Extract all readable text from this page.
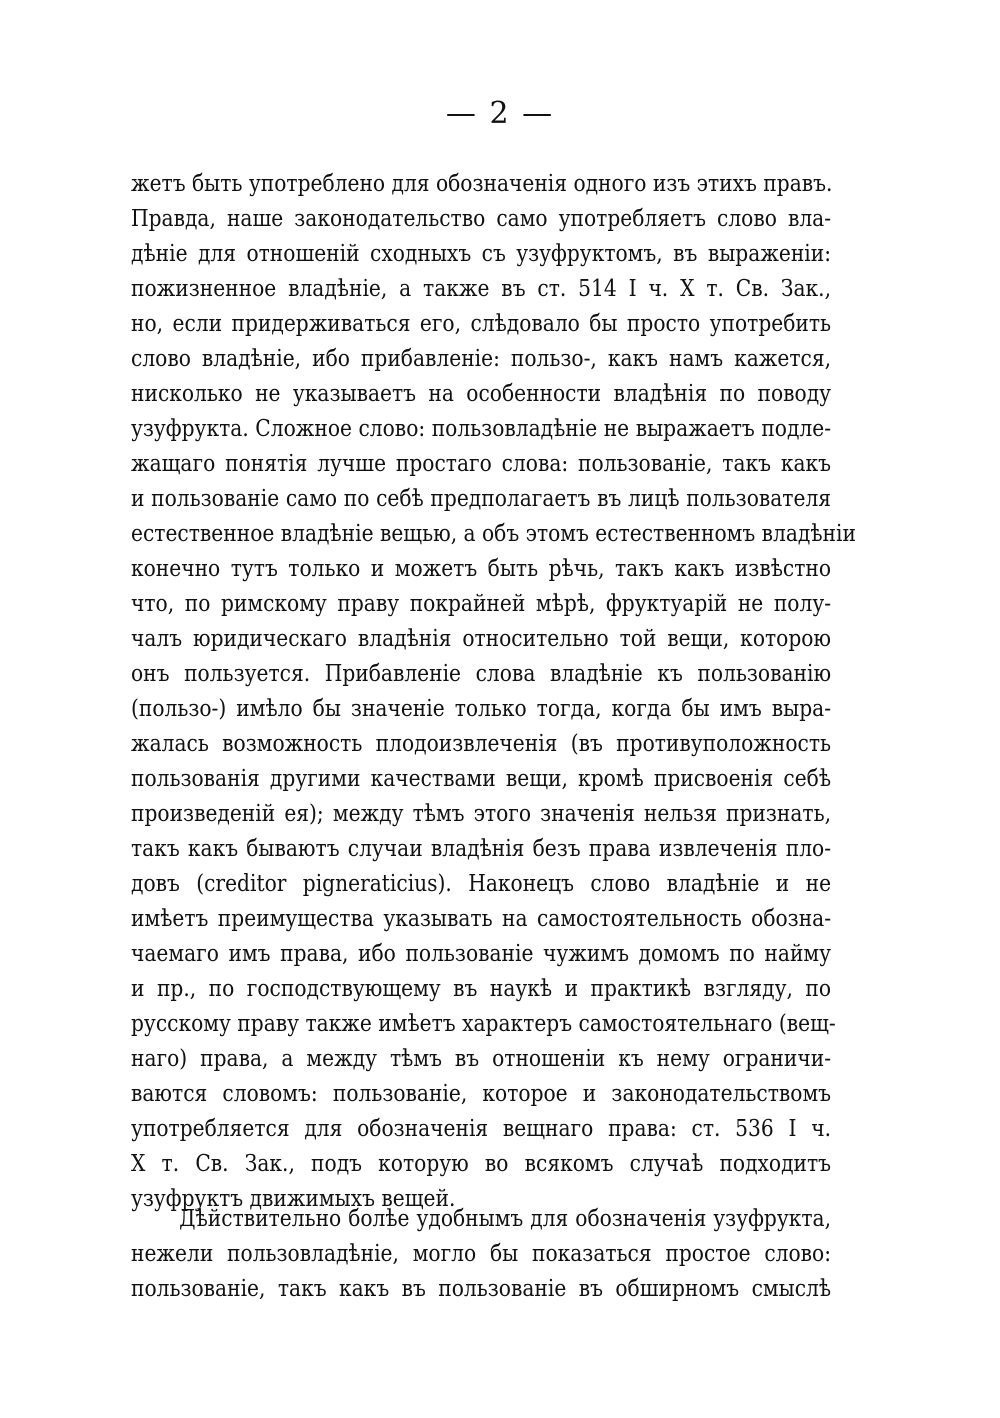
— 2 —
жетъ быть употреблено для обозначенія одного изъ этихъ правъ.
Правда, наше законодательство само употребляетъ слово вла-
дѣніе для отношеній сходныхъ съ узуфруктомъ, въ выраженіи:
пожизненное владѣніе, а также въ ст. 514 I ч. X т. Св. Зак.,
но, если придерживаться его, слѣдовало бы просто употребить
слово владѣніе, ибо прибавленіе: пользо-, какъ намъ кажется,
нисколько не указываетъ на особенности владѣнія по поводу
узуфрукта. Сложное слово: пользовладѣніе не выражаетъ подле-
жащаго понятія лучше простаго слова: пользованіе, такъ какъ
и пользованіе само по себѣ предполагаетъ въ лицѣ пользователя
естественное владѣніе вещью, а объ этомъ естественномъ владѣніи
конечно тутъ только и можетъ быть рѣчь, такъ какъ извѣстно
что, по римскому праву покрайней мѣрѣ, фруктуарій не полу-
чалъ юридическаго владѣнія относительно той вещи, которою
онъ пользуется. Прибавленіе слова владѣніе къ пользованію
(пользо-) имѣло бы значеніе только тогда, когда бы имъ выра-
жалась возможность плодоизвлеченія (въ противуположность
пользованія другими качествами вещи, кромѣ присвоенія себѣ
произведеній ея); между тѣмъ этого значенія нельзя признать,
такъ какъ бываютъ случаи владѣнія безъ права извлеченія пло-
довъ (creditor pigneraticius). Наконецъ слово владѣніе и не
имѣетъ преимущества указывать на самостоятельность обозна-
чаемаго имъ права, ибо пользованіе чужимъ домомъ по найму
и пр., по господствующему въ наукѣ и практикѣ взгляду, по
русскому праву также имѣетъ характеръ самостоятельнаго (вещ-
наго) права, а между тѣмъ въ отношеніи къ нему ограничи-
ваются словомъ: пользованіе, которое и законодательствомъ
употребляется для обозначенія вещнаго права: ст. 536 I ч.
X т. Св. Зак., подъ которую во всякомъ случаѣ подходитъ
узуфруктъ движимыхъ вещей.
Дѣйствительно болѣе удобнымъ для обозначенія узуфрукта,
нежели пользовладѣніе, могло бы показаться простое слово:
пользованіе, такъ какъ въ пользованіе въ обширномъ смыслѣ
